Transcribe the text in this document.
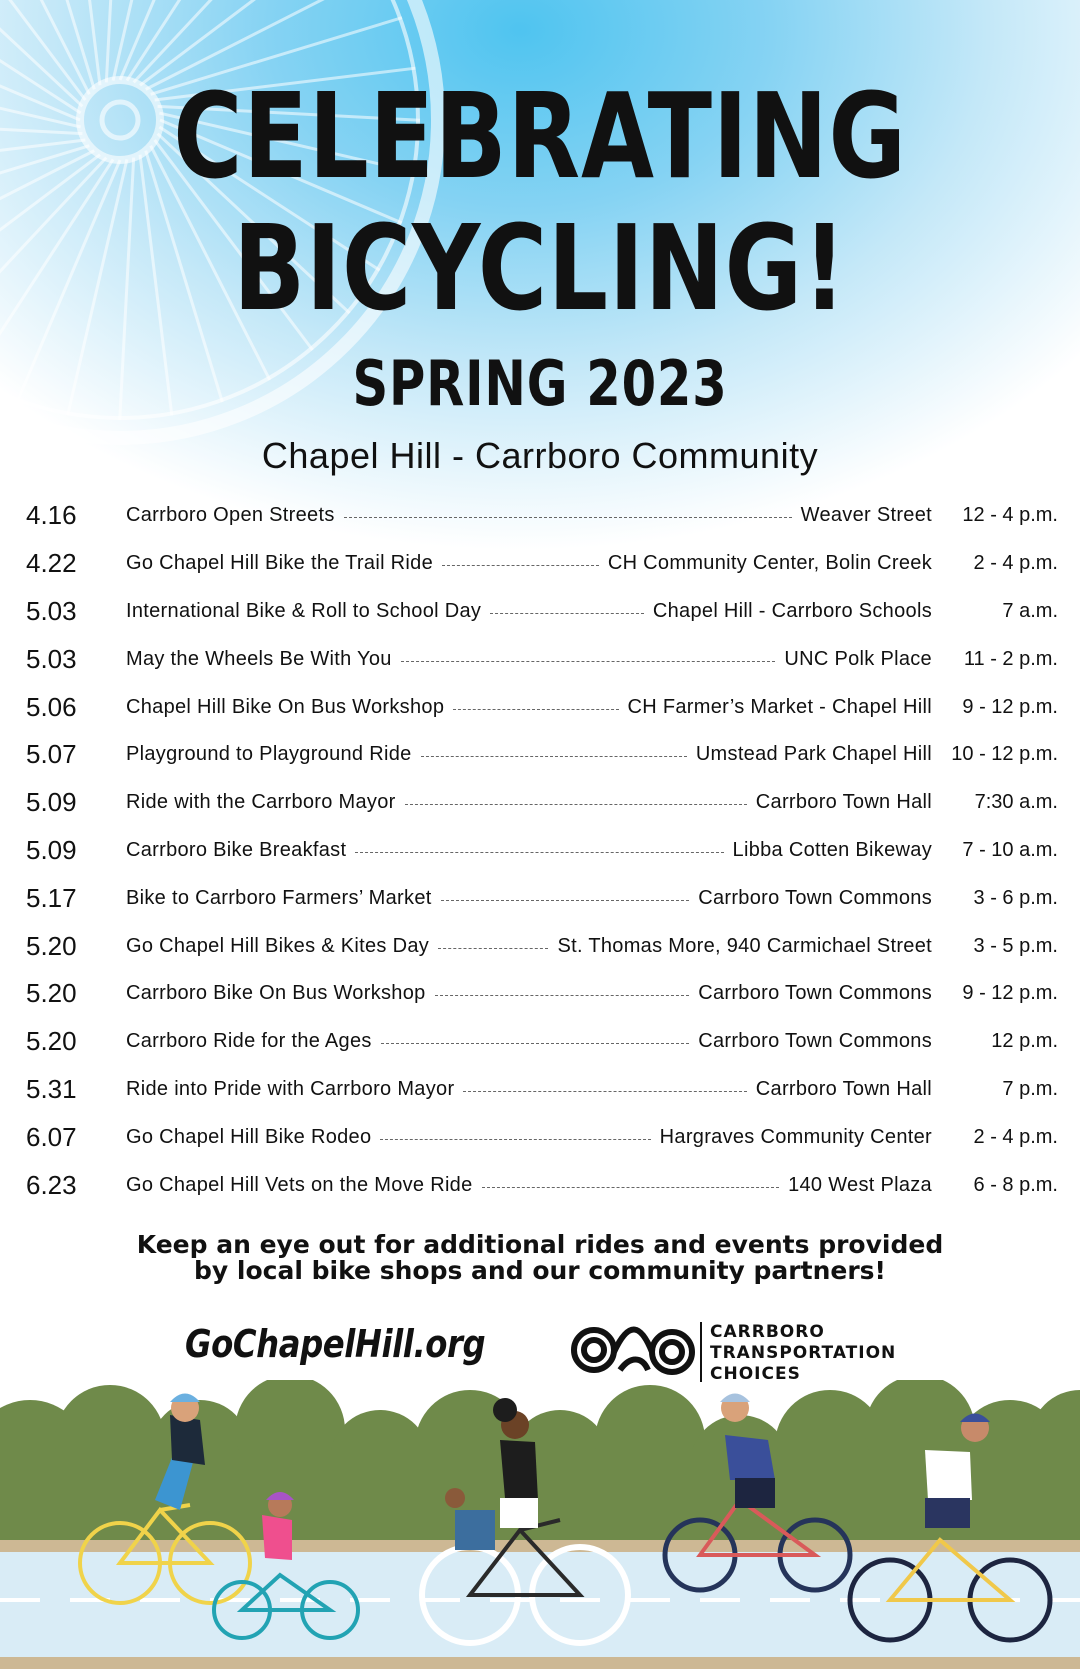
CELEBRATING
BICYCLING!
SPRING 2023
Chapel Hill - Carrboro Community
4.16	Carrboro Open Streets	Weaver Street	12 - 4 p.m.
4.22	Go Chapel Hill Bike the Trail Ride	CH Community Center, Bolin Creek	2 - 4 p.m.
5.03	International Bike & Roll to School Day	Chapel Hill - Carrboro Schools	7 a.m.
5.03	May the Wheels Be With You	UNC Polk Place	11 - 2 p.m.
5.06	Chapel Hill Bike On Bus Workshop	CH Farmer’s Market - Chapel Hill	9 - 12 p.m.
5.07	Playground to Playground Ride	Umstead Park Chapel Hill 10 - 12 p.m.
5.09	Ride with the Carrboro Mayor	Carrboro Town Hall	7:30 a.m.
5.09	Carrboro Bike Breakfast	Libba Cotten Bikeway	7 - 10 a.m.
5.17	Bike to Carrboro Farmers’ Market	Carrboro Town Commons	3 - 6 p.m.
5.20	Go Chapel Hill Bikes & Kites Day	St. Thomas More, 940 Carmichael Street	3 - 5 p.m.
5.20	Carrboro Bike On Bus Workshop	Carrboro Town Commons	9 - 12 p.m.
5.20	Carrboro Ride for the Ages	Carrboro Town Commons	12 p.m.
5.31	Ride into Pride with Carrboro Mayor	Carrboro Town Hall	7 p.m.
6.07	Go Chapel Hill Bike Rodeo	Hargraves Community Center	2 - 4 p.m.
6.23	Go Chapel Hill Vets on the Move Ride	140 West Plaza	6 - 8 p.m.
Keep an eye out for additional rides and events provided
by local bike shops and our community partners!
GoChapelHill.org	CARRBORO
TRANSPORTATION
CHOICES
